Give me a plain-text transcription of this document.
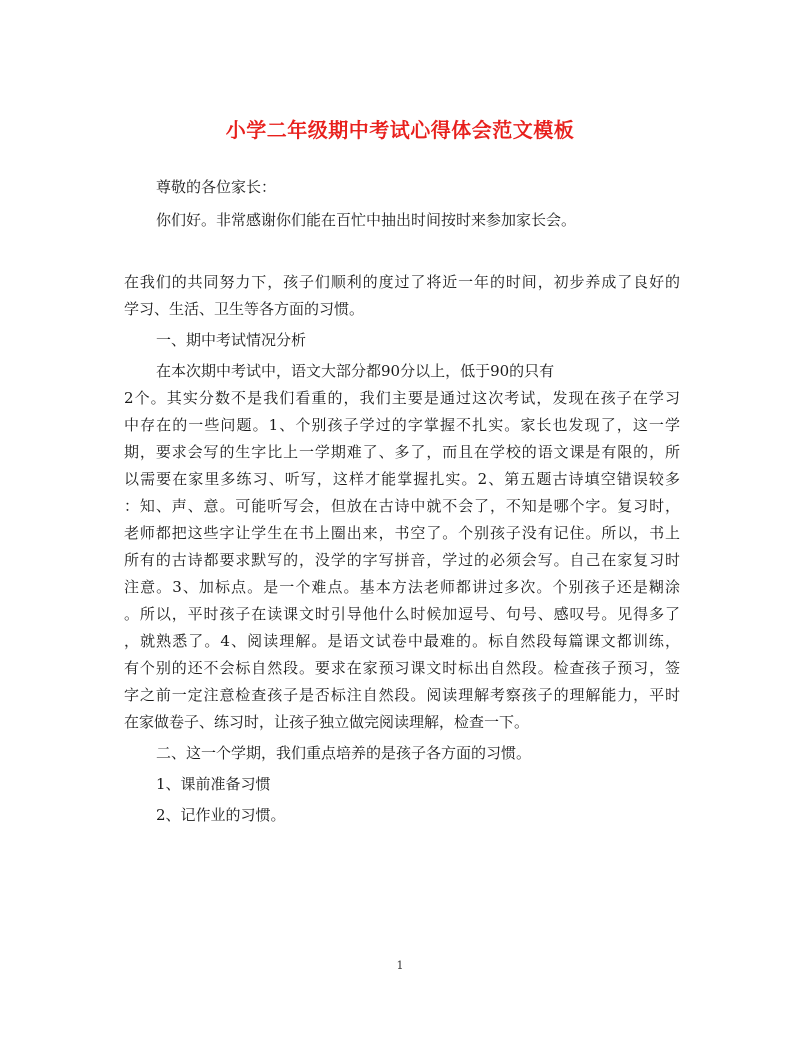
小学二年级期中考试心得体会范文模板
尊敬的各位家长：
你们好。非常感谢你们能在百忙中抽出时间按时来参加家长会。
在我们的共同努力下，孩子们顺利的度过了将近一年的时间，初步养成了良好的
学习、生活、卫生等各方面的习惯。
一、期中考试情况分析
在本次期中考试中，语文大部分都90分以上，低于90的只有
2个。其实分数不是我们看重的，我们主要是通过这次考试，发现在孩子在学习
中存在的一些问题。1、个别孩子学过的字掌握不扎实。家长也发现了，这一学
期，要求会写的生字比上一学期难了、多了，而且在学校的语文课是有限的，所
以需要在家里多练习、听写，这样才能掌握扎实。2、第五题古诗填空错误较多
：知、声、意。可能听写会，但放在古诗中就不会了，不知是哪个字。复习时，
老师都把这些字让学生在书上圈出来，书空了。个别孩子没有记住。所以，书上
所有的古诗都要求默写的，没学的字写拼音，学过的必须会写。自己在家复习时
注意。3、加标点。是一个难点。基本方法老师都讲过多次。个别孩子还是糊涂
。所以，平时孩子在读课文时引导他什么时候加逗号、句号、感叹号。见得多了
，就熟悉了。4、阅读理解。是语文试卷中最难的。标自然段每篇课文都训练，
有个别的还不会标自然段。要求在家预习课文时标出自然段。检查孩子预习，签
字之前一定注意检查孩子是否标注自然段。阅读理解考察孩子的理解能力，平时
在家做卷子、练习时，让孩子独立做完阅读理解，检查一下。
二、这一个学期，我们重点培养的是孩子各方面的习惯。
1、课前准备习惯
2、记作业的习惯。
1
